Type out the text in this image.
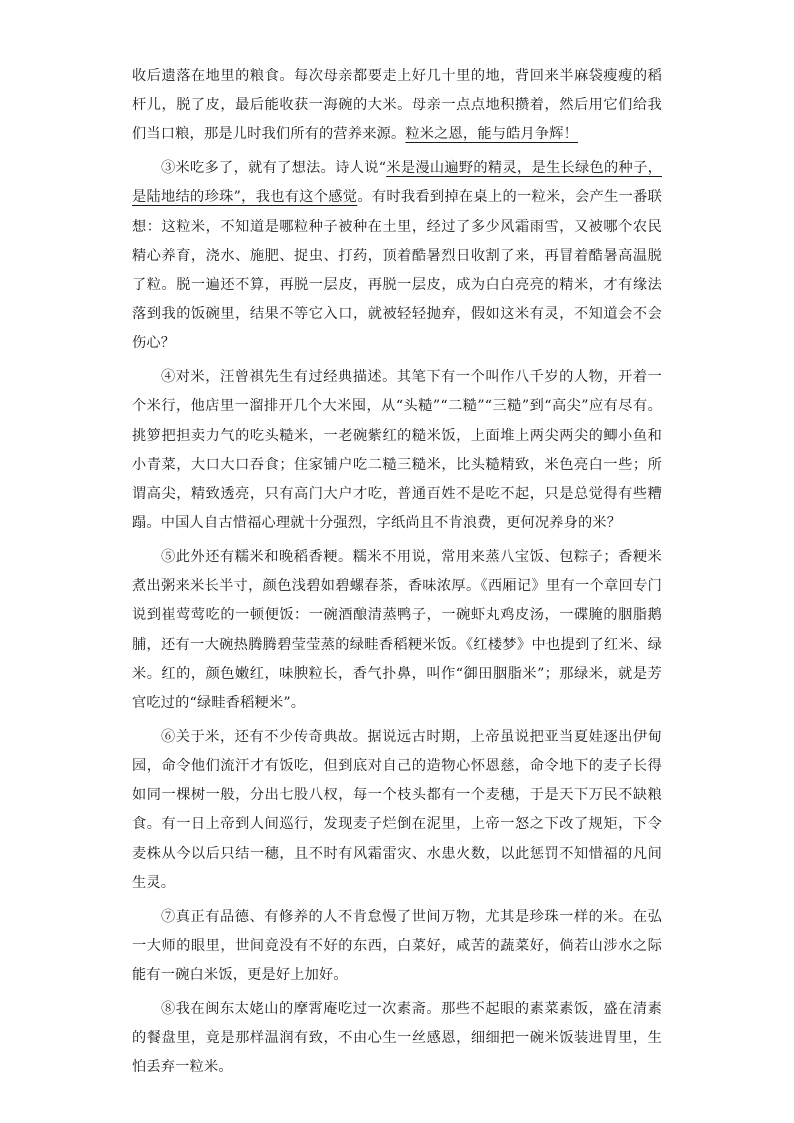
收后遗落在地里的粮食。每次母亲都要走上好几十里的地，背回来半麻袋瘦瘦的稻杆儿，脱了皮，最后能收获一海碗的大米。母亲一点点地积攒着，然后用它们给我们当口粮，那是儿时我们所有的营养来源。粒米之恩，能与皓月争辉！

③米吃多了，就有了想法。诗人说“米是漫山遍野的精灵，是生长绿色的种子，是陆地结的珍珠”，我也有这个感觉。有时我看到掉在桌上的一粒米，会产生一番联想：这粒米，不知道是哪粒种子被种在土里，经过了多少风霜雨雪，又被哪个农民精心养育，浇水、施肥、捉虫、打药，顶着酷暑烈日收割了来，再冒着酷暑高温脱了粒。脱一遍还不算，再脱一层皮，再脱一层皮，成为白白亮亮的精米，才有缘法落到我的饭碗里，结果不等它入口，就被轻轻抛弃，假如这米有灵，不知道会不会伤心？

④对米，汪曾祺先生有过经典描述。其笔下有一个叫作八千岁的人物，开着一个米行，他店里一溜排开几个大米囤，从“头糙”“二糙”“三糙”到“高尖”应有尽有。挑箩把担卖力气的吃头糙米，一老碗紫红的糙米饭，上面堆上两尖两尖的鲫小鱼和小青菜，大口大口吞食；住家铺户吃二糙三糙米，比头糙精致，米色亮白一些；所谓高尖，精致透亮，只有高门大户才吃，普通百姓不是吃不起，只是总觉得有些糟蹋。中国人自古惜福心理就十分强烈，字纸尚且不肯浪费，更何况养身的米？

⑤此外还有糯米和晚稻香粳。糯米不用说，常用来蒸八宝饭、包粽子；香粳米煮出粥来米长半寸，颜色浅碧如碧螺春茶，香味浓厚。《西厢记》里有一个章回专门说到崔莺莺吃的一顿便饭：一碗酒酿清蒸鸭子，一碗虾丸鸡皮汤，一碟腌的胭脂鹅脯，还有一大碗热腾腾碧莹莹蒸的绿畦香稻粳米饭。《红楼梦》中也提到了红米、绿米。红的，颜色嫩红，味腴粒长，香气扑鼻，叫作“御田胭脂米”；那绿米，就是芳官吃过的“绿畦香稻粳米”。

⑥关于米，还有不少传奇典故。据说远古时期，上帝虽说把亚当夏娃逐出伊甸园，命令他们流汗才有饭吃，但到底对自己的造物心怀恩慈，命令地下的麦子长得如同一棵树一般，分出七股八杈，每一个枝头都有一个麦穗，于是天下万民不缺粮食。有一日上帝到人间巡行，发现麦子烂倒在泥里，上帝一怒之下改了规矩，下令麦株从今以后只结一穗，且不时有风霜雷灾、水患火数，以此惩罚不知惜福的凡间生灵。

⑦真正有品德、有修养的人不肯怠慢了世间万物，尤其是珍珠一样的米。在弘一大师的眼里，世间竟没有不好的东西，白菜好，咸苦的蔬菜好，倘若山涉水之际能有一碗白米饭，更是好上加好。

⑧我在闽东太姥山的摩霄庵吃过一次素斋。那些不起眼的素菜素饭，盛在清素的餐盘里，竟是那样温润有致，不由心生一丝感恩，细细把一碗米饭装进胃里，生怕丢弃一粒米。
